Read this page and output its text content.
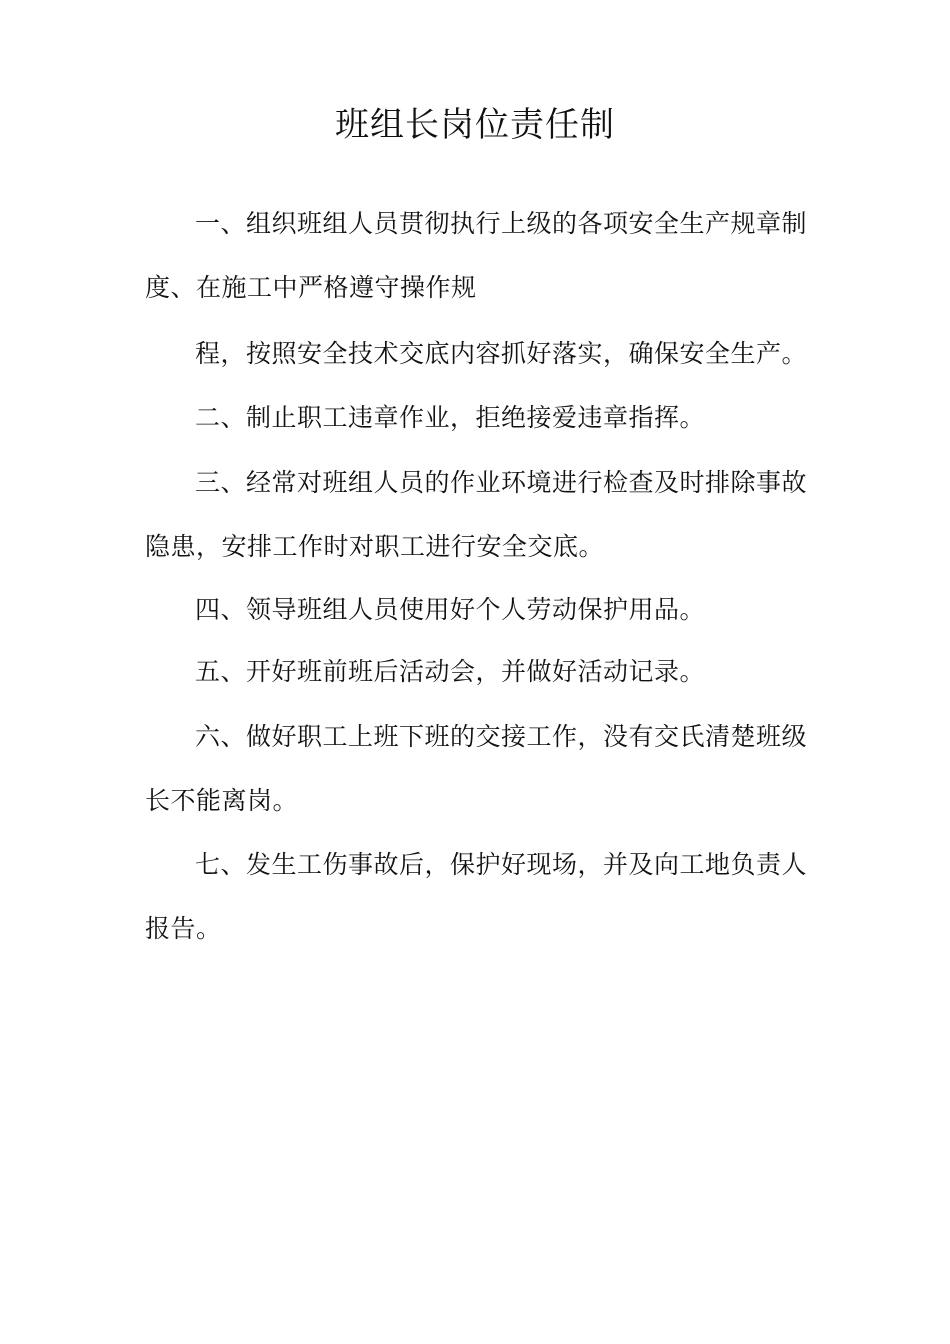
班组长岗位责任制
一、组织班组人员贯彻执行上级的各项安全生产规章制
度、在施工中严格遵守操作规
程，按照安全技术交底内容抓好落实，确保安全生产。
二、制止职工违章作业，拒绝接爱违章指挥。
三、经常对班组人员的作业环境进行检查及时排除事故
隐患，安排工作时对职工进行安全交底。
四、领导班组人员使用好个人劳动保护用品。
五、开好班前班后活动会，并做好活动记录。
六、做好职工上班下班的交接工作，没有交氏清楚班级
长不能离岗。
七、发生工伤事故后，保护好现场，并及向工地负责人
报告。
